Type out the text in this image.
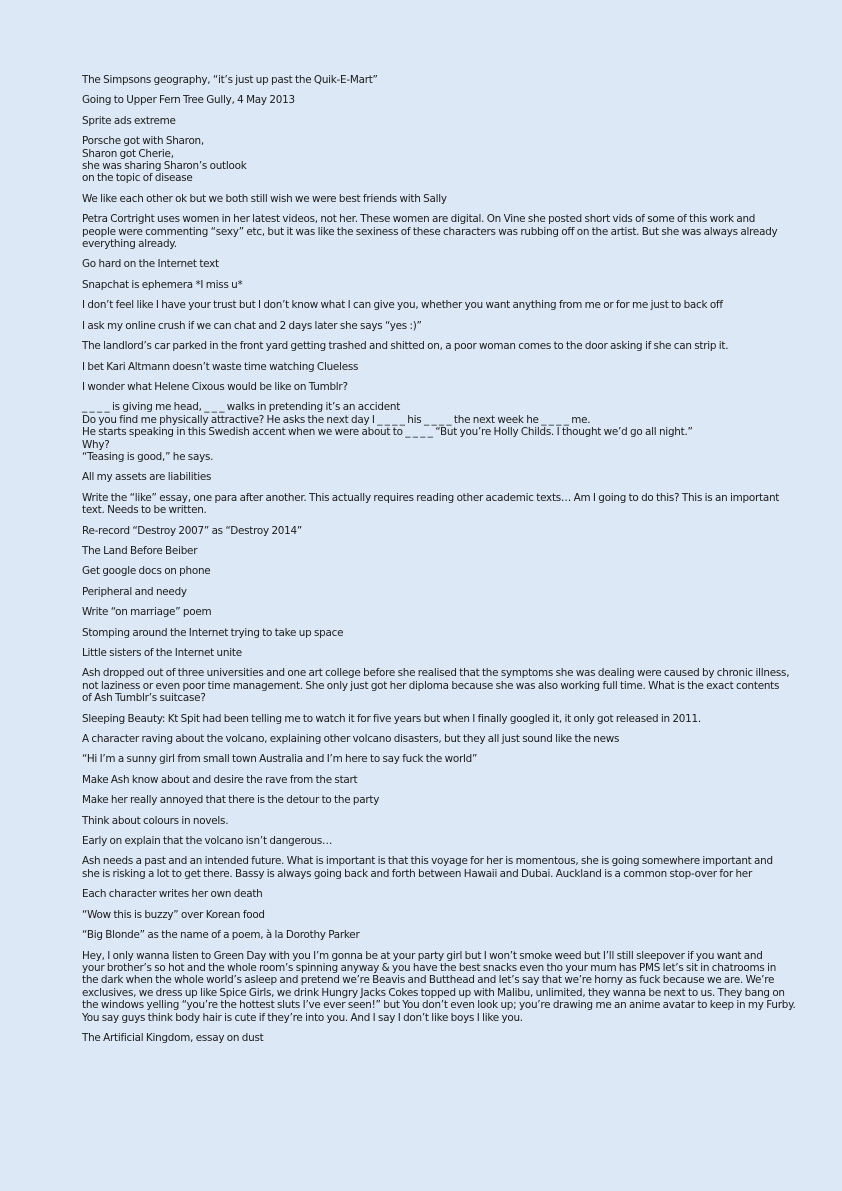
The Simpsons geography, “it’s just up past the Quik-E-Mart”
Going to Upper Fern Tree Gully, 4 May 2013
Sprite ads extreme
Porsche got with Sharon,
Sharon got Cherie,
she was sharing Sharon’s outlook
on the topic of disease
We like each other ok but we both still wish we were best friends with Sally
Petra Cortright uses women in her latest videos, not her. These women are digital. On Vine she posted short vids of some of this work and
people were commenting “sexy” etc, but it was like the sexiness of these characters was rubbing off on the artist. But she was always already
everything already.
Go hard on the Internet text
Snapchat is ephemera *I miss u*
I don’t feel like I have your trust but I don’t know what I can give you, whether you want anything from me or for me just to back off
I ask my online crush if we can chat and 2 days later she says “yes :)”
The landlord’s car parked in the front yard getting trashed and shitted on, a poor woman comes to the door asking if she can strip it.
I bet Kari Altmann doesn’t waste time watching Clueless
I wonder what Helene Cixous would be like on Tumblr?
_ _ _ _ is giving me head, _ _ _ walks in pretending it’s an accident
Do you find me physically attractive? He asks the next day I _ _ _ _ his _ _ _ _ the next week he _ _ _ _ me.
He starts speaking in this Swedish accent when we were about to _ _ _ _ “But you’re Holly Childs. I thought we’d go all night.”
Why?
“Teasing is good,” he says.
All my assets are liabilities
Write the “like” essay, one para after another. This actually requires reading other academic texts… Am I going to do this? This is an important
text. Needs to be written.
Re-record “Destroy 2007” as “Destroy 2014”
The Land Before Beiber
Get google docs on phone
Peripheral and needy
Write “on marriage” poem
Stomping around the Internet trying to take up space
Little sisters of the Internet unite
Ash dropped out of three universities and one art college before she realised that the symptoms she was dealing were caused by chronic illness,
not laziness or even poor time management. She only just got her diploma because she was also working full time. What is the exact contents
of Ash Tumblr’s suitcase?
Sleeping Beauty: Kt Spit had been telling me to watch it for five years but when I finally googled it, it only got released in 2011.
A character raving about the volcano, explaining other volcano disasters, but they all just sound like the news
“Hi I’m a sunny girl from small town Australia and I’m here to say fuck the world”
Make Ash know about and desire the rave from the start
Make her really annoyed that there is the detour to the party
Think about colours in novels.
Early on explain that the volcano isn’t dangerous…
Ash needs a past and an intended future. What is important is that this voyage for her is momentous, she is going somewhere important and
she is risking a lot to get there. Bassy is always going back and forth between Hawaii and Dubai. Auckland is a common stop-over for her
Each character writes her own death
“Wow this is buzzy” over Korean food
“Big Blonde” as the name of a poem, à la Dorothy Parker
Hey, I only wanna listen to Green Day with you I’m gonna be at your party girl but I won’t smoke weed but I’ll still sleepover if you want and
your brother’s so hot and the whole room’s spinning anyway & you have the best snacks even tho your mum has PMS let’s sit in chatrooms in
the dark when the whole world’s asleep and pretend we’re Beavis and Butthead and let’s say that we’re horny as fuck because we are. We’re
exclusives, we dress up like Spice Girls, we drink Hungry Jacks Cokes topped up with Malibu, unlimited, they wanna be next to us. They bang on
the windows yelling “you’re the hottest sluts I’ve ever seen!” but You don’t even look up; you’re drawing me an anime avatar to keep in my Furby.
You say guys think body hair is cute if they’re into you. And I say I don’t like boys I like you.
The Artificial Kingdom, essay on dust
